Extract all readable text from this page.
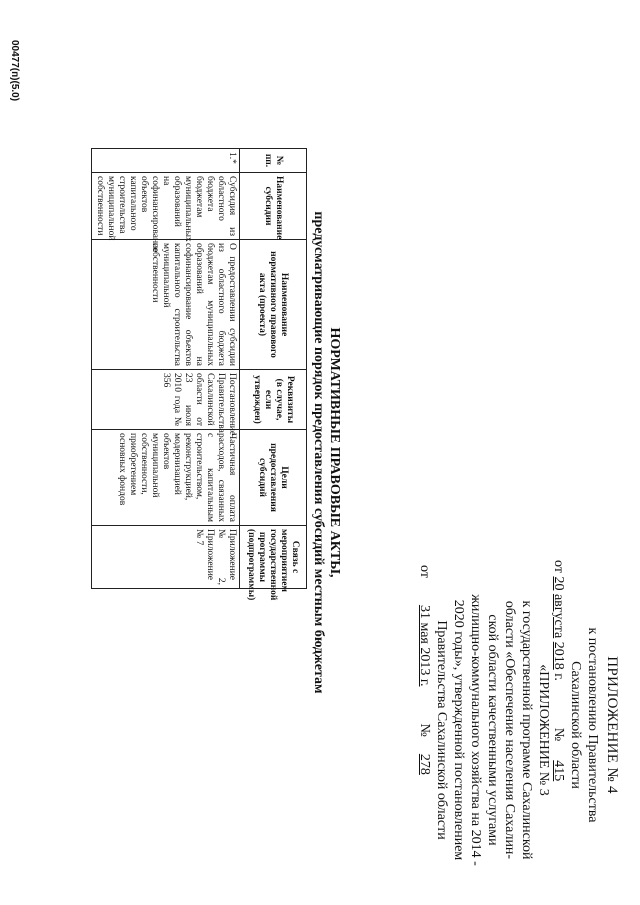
ПРИЛОЖЕНИЕ № 4
к постановлению Правительства
Сахалинской области
от 20 августа 2018 г.  №  415
«ПРИЛОЖЕНИЕ № 3
к государственной программе Сахалинской
области «Обеспечение населения Сахалин-
ской области качественными услугами
жилищно-коммунального хозяйства на 2014 -
2020 годы», утвержденной постановлением
Правительства Сахалинской области
от  31 мая 2013 г.  №  278
НОРМАТИВНЫЕ ПРАВОВЫЕ АКТЫ,
предусматривающие порядок предоставления субсидий местным бюджетам
№ пп.	Наименование субсидии	Наименование нормативного правового акта (проекта)	Реквизиты (в случае, если утвержден)	Цели предоставления субсидий	Связь с мероприятием государственной программы (подпрограммы)
1.*	Субсидия из областного бюджета бюджетам муниципальных образований на софинансирование объектов капитального строительства муниципальной собственности	О предоставлении субсидии из областного бюджета бюджетам муниципальных образований на софинансирование объектов капитального строительства муниципальной собственности	Постановление Правительства Сахалинской области от 23 июля 2010 года № 356	Частичная оплата расходов, связанных с капитальным строительством, реконструкцией, модернизацией объектов муниципальной собственности, приобретением основных фондов	Приложение № 2, Приложение № 7
00477(п)(5.0)
